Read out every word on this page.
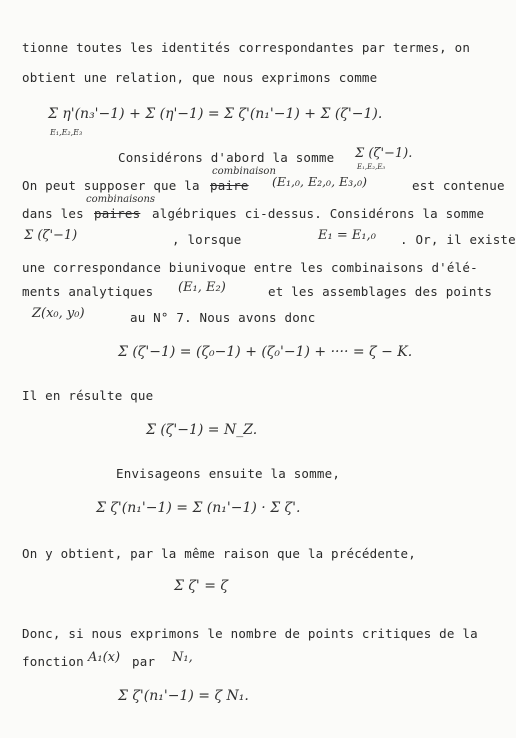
tionne toutes les identités correspondantes par termes, on
obtient une relation, que nous exprimons comme
Σ η'(n₃'−1) + Σ (η'−1) = Σ ζ'(n₁'−1) + Σ (ζ'−1).
E₁,E₂,E₃
Considérons d'abord la somme Σ (ζ'−1).
E₁,E₂,E₃
On peut supposer que la
combinaison
paire (E₁,₀, E₂,₀, E₃,₀)	est contenue
dans les
combinaisons
paires algébriques ci-dessus. Considérons la somme
Σ (ζ'−1)	, lorsque	E₁ = E₁,₀ . Or, il existe
une correspondance biunivoque entre les combinaisons d'élé-
ments analytiques (E₁, E₂)	et les assemblages des points
Z(x₀, y₀)	au N° 7. Nous avons donc
Σ (ζ'−1) = (ζ₀−1) + (ζ₀'−1) + ···· = ζ − K.
Il en résulte que
Σ (ζ'−1) = N_Z.
Envisageons ensuite la somme,
Σ ζ'(n₁'−1) = Σ (n₁'−1) · Σ ζ'.
On y obtient, par la même raison que la précédente,
Σ ζ' = ζ
Donc, si nous exprimons le nombre de points critiques de la
fonction A₁(x) par N₁,
Σ ζ'(n₁'−1) = ζ N₁.
